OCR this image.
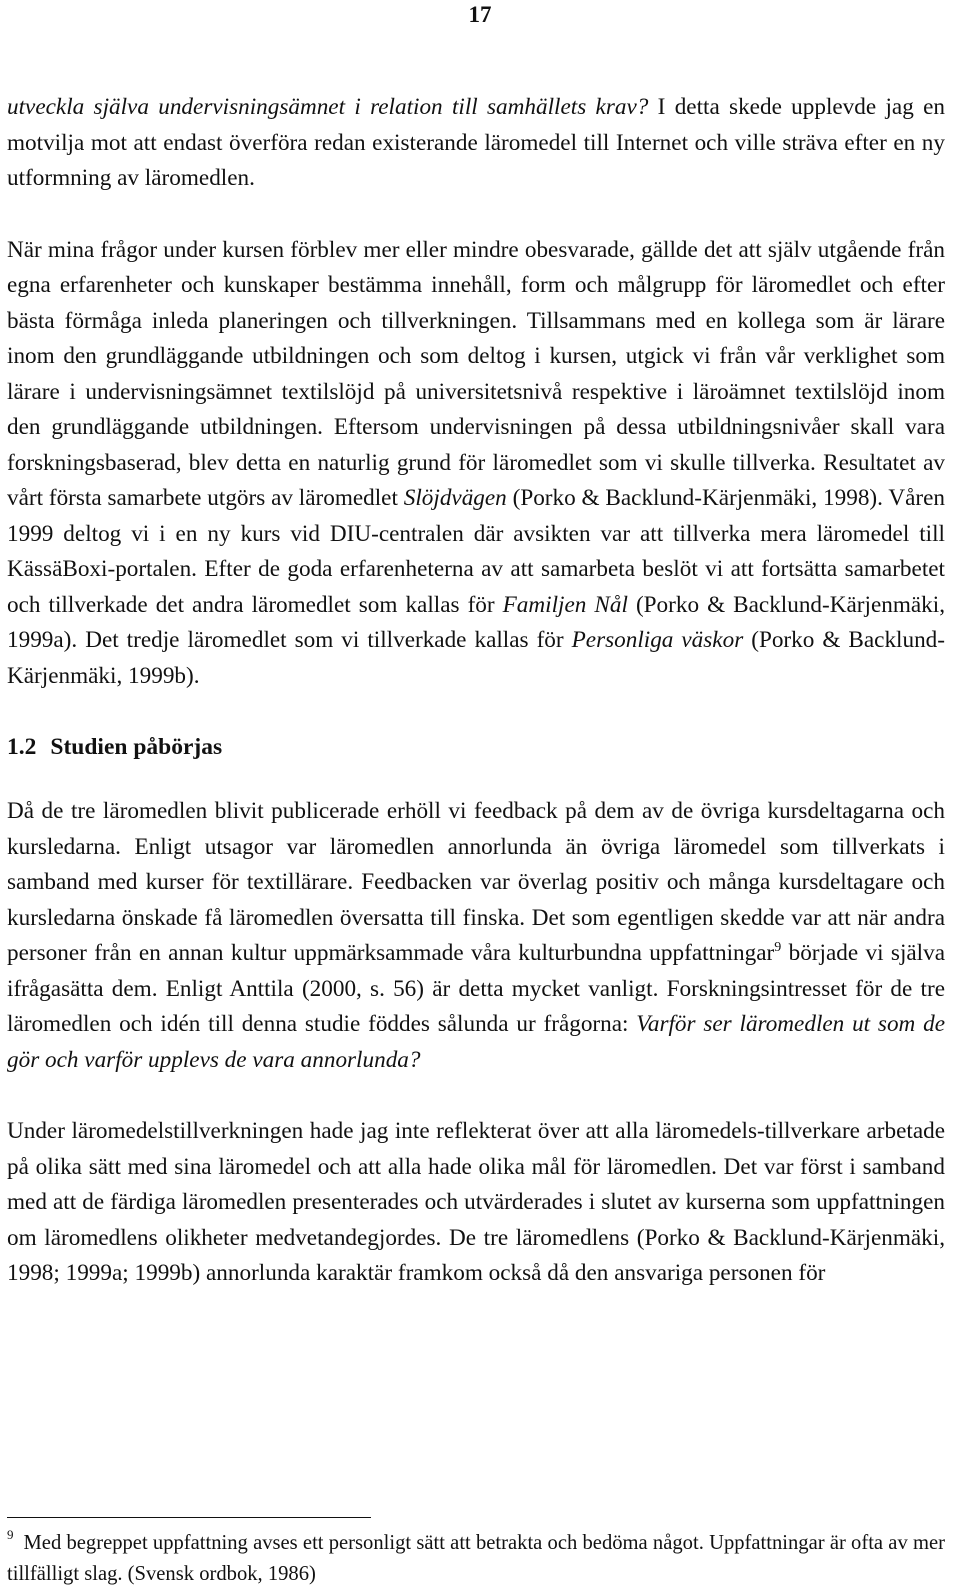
17

utveckla själva undervisningsämnet i relation till samhällets krav? I detta skede upplevde jag en motvilja mot att endast överföra redan existerande läromedel till Internet och ville sträva efter en ny utformning av läromedlen.

När mina frågor under kursen förblev mer eller mindre obesvarade, gällde det att själv utgående från egna erfarenheter och kunskaper bestämma innehåll, form och målgrupp för läromedlet och efter bästa förmåga inleda planeringen och tillverkningen. Tillsammans med en kollega som är lärare inom den grundläggande utbildningen och som deltog i kursen, utgick vi från vår verklighet som lärare i undervisningsämnet textilslöjd på universitetsnivå respektive i läroämnet textilslöjd inom den grundläggande utbildningen. Eftersom undervisningen på dessa utbildningsnivåer skall vara forskningsbaserad, blev detta en naturlig grund för läromedlet som vi skulle tillverka. Resultatet av vårt första samarbete utgörs av läromedlet Slöjdvägen (Porko & Backlund-Kärjenmäki, 1998). Våren 1999 deltog vi i en ny kurs vid DIU-centralen där avsikten var att tillverka mera läromedel till KässäBoxi-portalen. Efter de goda erfarenheterna av att samarbeta beslöt vi att fortsätta samarbetet och tillverkade det andra läromedlet som kallas för Familjen Nål (Porko & Backlund-Kärjenmäki, 1999a). Det tredje läromedlet som vi tillverkade kallas för Personliga väskor (Porko & Backlund-Kärjenmäki, 1999b).

1.2 Studien påbörjas

Då de tre läromedlen blivit publicerade erhöll vi feedback på dem av de övriga kursdeltagarna och kursledarna. Enligt utsagor var läromedlen annorlunda än övriga läromedel som tillverkats i samband med kurser för textillärare. Feedbacken var överlag positiv och många kursdeltagare och kursledarna önskade få läromedlen översatta till finska. Det som egentligen skedde var att när andra personer från en annan kultur uppmärksammade våra kulturbundna uppfattningar$^9$ började vi själva ifrågasätta dem. Enligt Anttila (2000, s. 56) är detta mycket vanligt. Forskningsintresset för de tre läromedlen och idén till denna studie föddes sålunda ur frågorna: Varför ser läromedlen ut som de gör och varför upplevs de vara annorlunda?

Under läromedelstillverkningen hade jag inte reflekterat över att alla läromedels-tillverkare arbetade på olika sätt med sina läromedel och att alla hade olika mål för läromedlen. Det var först i samband med att de färdiga läromedlen presenterades och utvärderades i slutet av kurserna som uppfattningen om läromedlens olikheter medvetandegjordes. De tre läromedlens (Porko & Backlund-Kärjenmäki, 1998; 1999a; 1999b) annorlunda karaktär framkom också då den ansvariga personen för

$^9$ Med begreppet uppfattning avses ett personligt sätt att betrakta och bedöma något. Uppfattningar är ofta av mer tillfälligt slag. (Svensk ordbok, 1986)
